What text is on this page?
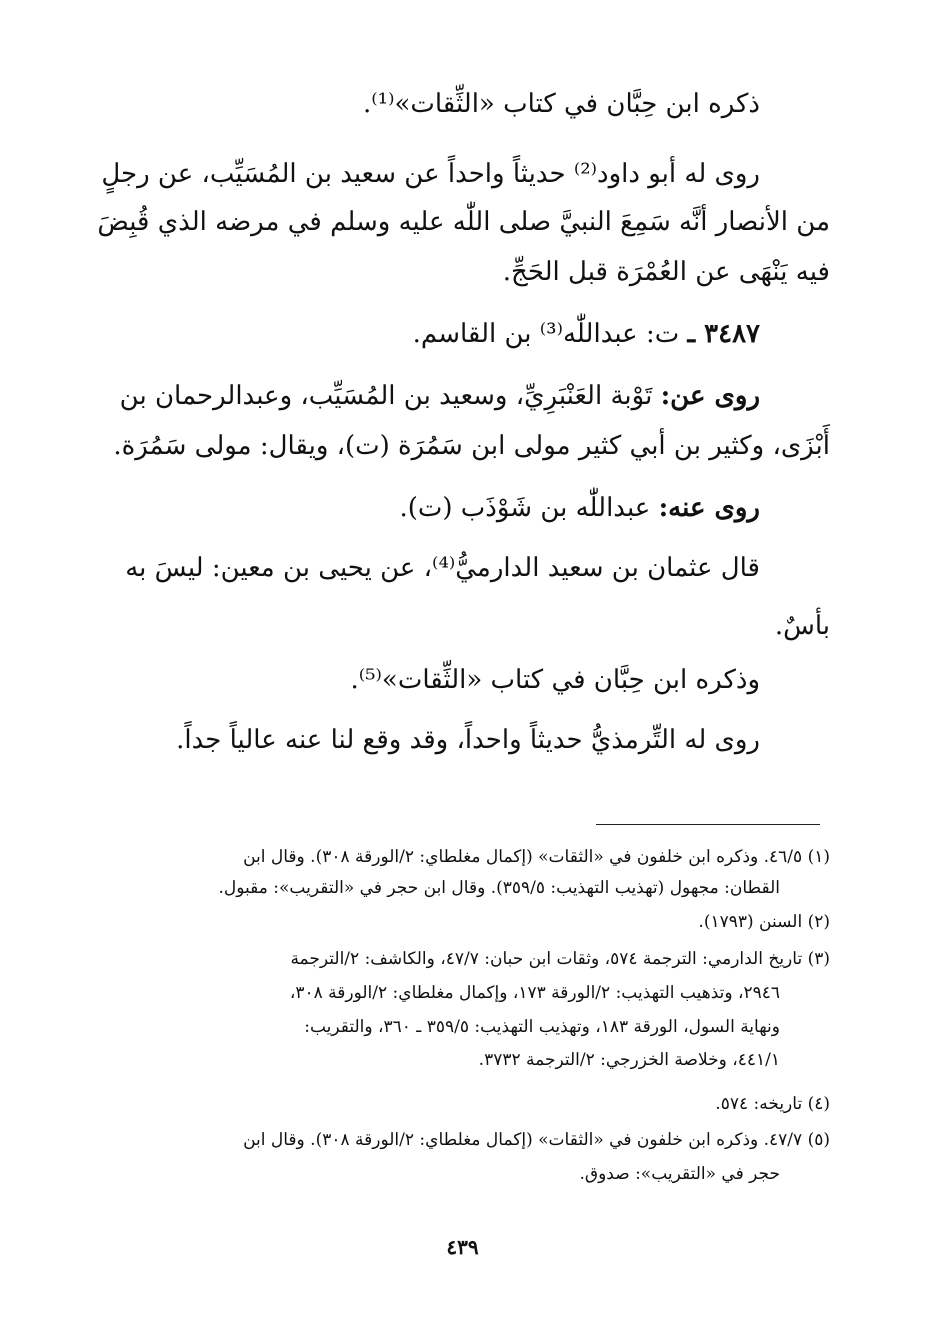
ذكره ابن حِبَّان في كتاب «الثِّقات»⁽¹⁾.
روى له أبو داود⁽²⁾ حديثاً واحداً عن سعيد بن المُسَيِّب، عن رجلٍ
من الأنصار أنَّه سَمِعَ النبيَّ صلى اللّٰه عليه وسلم في مرضه الذي قُبِضَ
فيه يَنْهَى عن العُمْرَة قبل الحَجِّ.
٣٤٨٧ ـ ت: عبداللّٰه⁽³⁾ بن القاسم.
روى عن: تَوْبة العَنْبَرِيِّ، وسعيد بن المُسَيِّب، وعبدالرحمان بن
أَبْزَى، وكثير بن أبي كثير مولى ابن سَمُرَة (ت)، ويقال: مولى سَمُرَة.
روى عنه: عبداللّٰه بن شَوْذَب (ت).
قال عثمان بن سعيد الدارميُّ⁽⁴⁾، عن يحيى بن معين: ليسَ به
بأسٌ.
وذكره ابن حِبَّان في كتاب «الثِّقات»⁽⁵⁾.
روى له التِّرمذيُّ حديثاً واحداً، وقد وقع لنا عنه عالياً جداً.
(١) ٤٦/٥. وذكره ابن خلفون في «الثقات» (إكمال مغلطاي: ٢/الورقة ٣٠٨). وقال ابن
القطان: مجهول (تهذيب التهذيب: ٣٥٩/٥). وقال ابن حجر في «التقريب»: مقبول.
(٢) السنن (١٧٩٣).
(٣) تاريخ الدارمي: الترجمة ٥٧٤، وثقات ابن حبان: ٤٧/٧، والكاشف: ٢/الترجمة
٢٩٤٦، وتذهيب التهذيب: ٢/الورقة ١٧٣، وإكمال مغلطاي: ٢/الورقة ٣٠٨،
ونهاية السول، الورقة ١٨٣، وتهذيب التهذيب: ٣٥٩/٥ ـ ٣٦٠، والتقريب:
٤٤١/١، وخلاصة الخزرجي: ٢/الترجمة ٣٧٣٢.
(٤) تاريخه: ٥٧٤.
(٥) ٤٧/٧. وذكره ابن خلفون في «الثقات» (إكمال مغلطاي: ٢/الورقة ٣٠٨). وقال ابن
حجر في «التقريب»: صدوق.
٤٣٩
